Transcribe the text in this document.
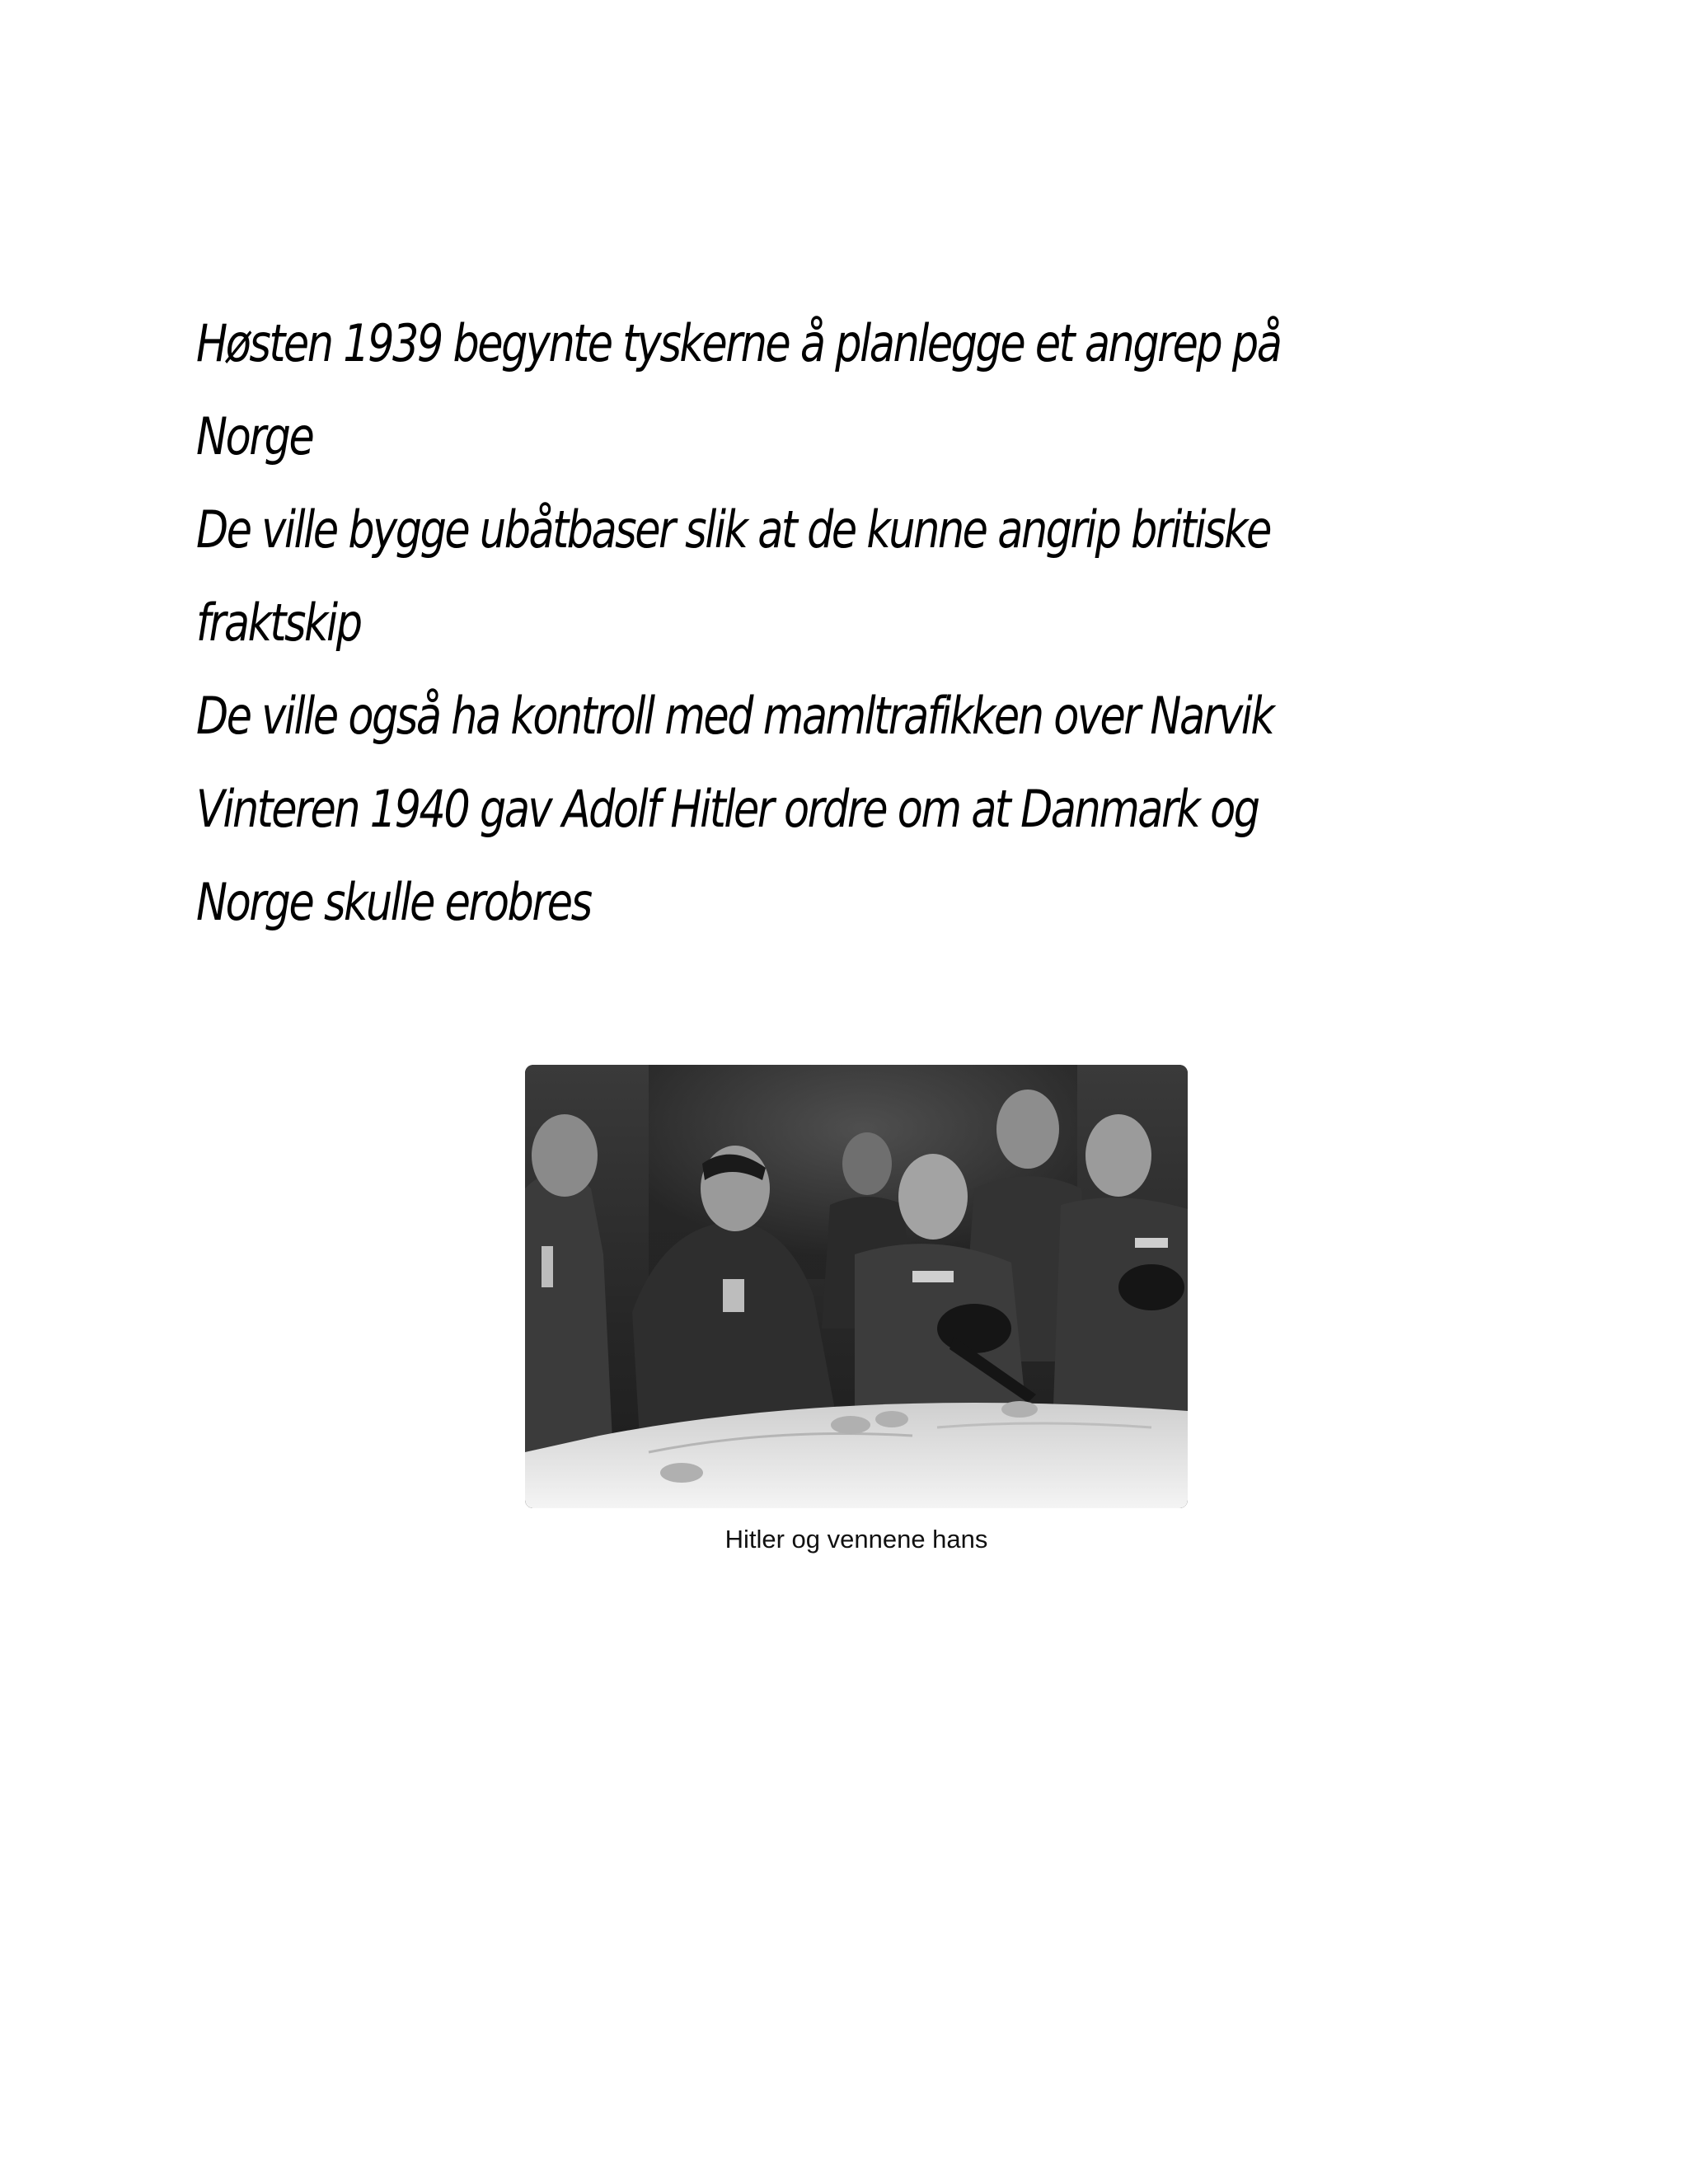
Høsten 1939 begynte tyskerne å planlegge et angrep på
Norge
De ville bygge ubåtbaser slik at de kunne angrip britiske
fraktskip
De ville også ha kontroll med mamltrafikken over Narvik
Vinteren 1940 gav Adolf Hitler ordre om at Danmark og
Norge skulle erobres
Hitler og vennene hans
